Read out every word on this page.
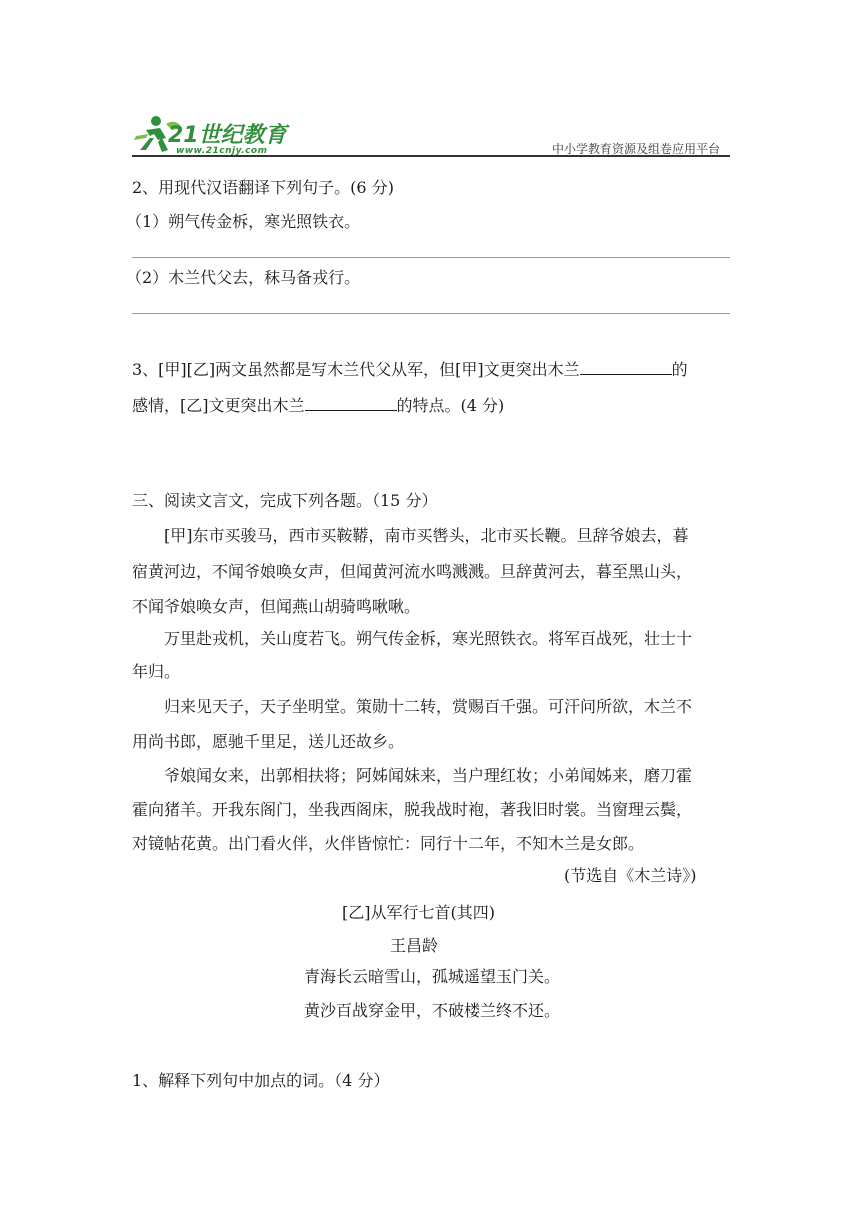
21世纪教育
www.21cnjy.com	中小学教育资源及组卷应用平台
2、用现代汉语翻译下列句子。(6 分)
（1）朔气传金柝，寒光照铁衣。
（2）木兰代父去，秣马备戎行。
3、[甲][乙]两文虽然都是写木兰代父从军，但[甲]文更突出木兰	的
感情，[乙]文更突出木兰	的特点。(4 分)
三、阅读文言文，完成下列各题。（15 分）
[甲]东市买骏马，西市买鞍鞯，南市买辔头，北市买长鞭。旦辞爷娘去，暮
宿黄河边，不闻爷娘唤女声，但闻黄河流水鸣溅溅。旦辞黄河去，暮至黑山头，
不闻爷娘唤女声，但闻燕山胡骑鸣啾啾。
万里赴戎机，关山度若飞。朔气传金柝，寒光照铁衣。将军百战死，壮士十
年归。
归来见天子，天子坐明堂。策勋十二转，赏赐百千强。可汗问所欲，木兰不
用尚书郎，愿驰千里足，送儿还故乡。
爷娘闻女来，出郭相扶将；阿姊闻妹来，当户理红妆；小弟闻姊来，磨刀霍
霍向猪羊。开我东阁门，坐我西阁床，脱我战时袍，著我旧时裳。当窗理云鬓，
对镜帖花黄。出门看火伴，火伴皆惊忙：同行十二年，不知木兰是女郎。
(节选自《木兰诗》)
[乙]从军行七首(其四)
王昌龄
青海长云暗雪山，孤城遥望玉门关。
黄沙百战穿金甲，不破楼兰终不还。
1、解释下列句中加点的词。（4 分）
